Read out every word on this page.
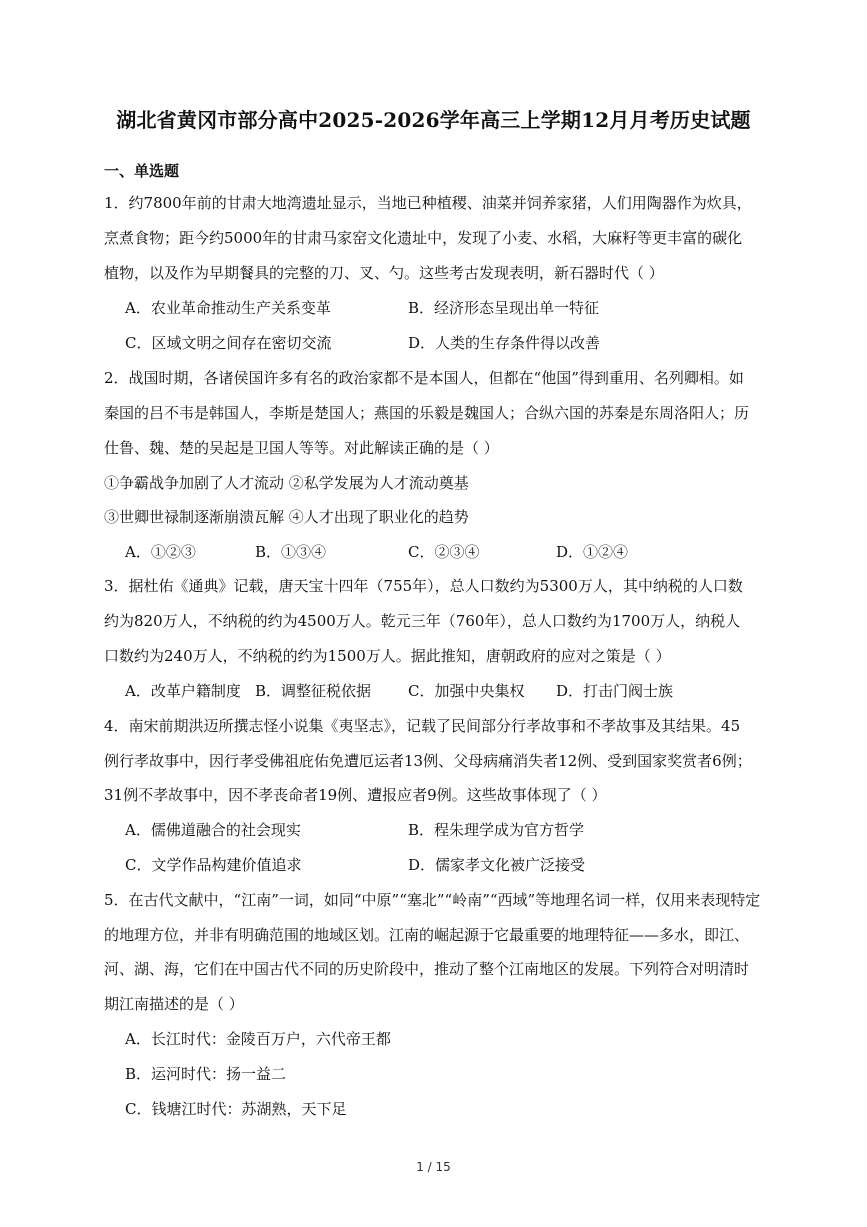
湖北省黄冈市部分高中2025-2026学年高三上学期12月月考历史试题
一、单选题
1．约7800年前的甘肃大地湾遗址显示，当地已种植稷、油菜并饲养家猪，人们用陶器作为炊具，
烹煮食物；距今约5000年的甘肃马家窑文化遗址中，发现了小麦、水稻，大麻籽等更丰富的碳化
植物，以及作为早期餐具的完整的刀、叉、勺。这些考古发现表明，新石器时代（ ）
A．农业革命推动生产关系变革	B．经济形态呈现出单一特征
C．区域文明之间存在密切交流	D．人类的生存条件得以改善
2．战国时期，各诸侯国许多有名的政治家都不是本国人，但都在“他国”得到重用、名列卿相。如
秦国的吕不韦是韩国人，李斯是楚国人；燕国的乐毅是魏国人；合纵六国的苏秦是东周洛阳人；历
仕鲁、魏、楚的吴起是卫国人等等。对此解读正确的是（ ）
①争霸战争加剧了人才流动 ②私学发展为人才流动奠基
③世卿世禄制逐渐崩溃瓦解 ④人才出现了职业化的趋势
A．①②③	B．①③④	C．②③④	D．①②④
3．据杜佑《通典》记载，唐天宝十四年（755年），总人口数约为5300万人，其中纳税的人口数
约为820万人，不纳税的约为4500万人。乾元三年（760年），总人口数约为1700万人，纳税人
口数约为240万人，不纳税的约为1500万人。据此推知，唐朝政府的应对之策是（ ）
A．改革户籍制度 B．调整征税依据 C．加强中央集权 D．打击门阀士族
4．南宋前期洪迈所撰志怪小说集《夷坚志》，记载了民间部分行孝故事和不孝故事及其结果。45
例行孝故事中，因行孝受佛祖庇佑免遭厄运者13例、父母病痛消失者12例、受到国家奖赏者6例；
31例不孝故事中，因不孝丧命者19例、遭报应者9例。这些故事体现了（ ）
A．儒佛道融合的社会现实	B．程朱理学成为官方哲学
C．文学作品构建价值追求	D．儒家孝文化被广泛接受
5．在古代文献中，“江南”一词，如同“中原”“塞北”“岭南”“西域”等地理名词一样，仅用来表现特定
的地理方位，并非有明确范围的地域区划。江南的崛起源于它最重要的地理特征——多水，即江、
河、湖、海，它们在中国古代不同的历史阶段中，推动了整个江南地区的发展。下列符合对明清时
期江南描述的是（ ）
A．长江时代：金陵百万户，六代帝王都
B．运河时代：扬一益二
C．钱塘江时代：苏湖熟，天下足
1 / 15
